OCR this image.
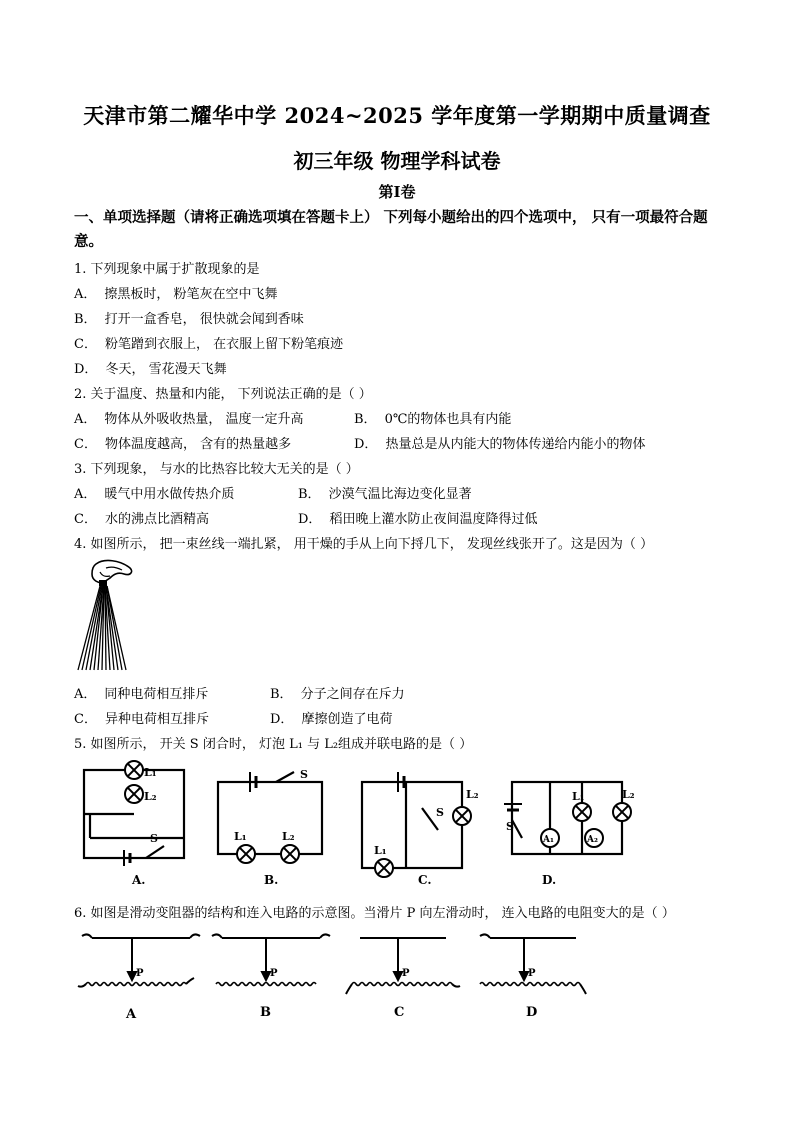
天津市第二耀华中学 2024~2025 学年度第一学期期中质量调查
初三年级 物理学科试卷
第Ⅰ卷
一、单项选择题（请将正确选项填在答题卡上） 下列每小题给出的四个选项中， 只有一项最符合题意。
1. 下列现象中属于扩散现象的是
A． 擦黑板时， 粉笔灰在空中飞舞
B． 打开一盒香皂， 很快就会闻到香味
C． 粉笔蹭到衣服上， 在衣服上留下粉笔痕迹
D． 冬天， 雪花漫天飞舞
2. 关于温度、热量和内能， 下列说法正确的是（ ）
A． 物体从外吸收热量， 温度一定升高	B． 0℃的物体也具有内能
C． 物体温度越高， 含有的热量越多	D． 热量总是从内能大的物体传递给内能小的物体
3. 下列现象， 与水的比热容比较大无关的是（ ）
A． 暖气中用水做传热介质	B． 沙漠气温比海边变化显著
C． 水的沸点比酒精高	D． 稻田晚上灌水防止夜间温度降得过低
4. 如图所示， 把一束丝线一端扎紧， 用干燥的手从上向下捋几下， 发现丝线张开了。这是因为（ ）
A． 同种电荷相互排斥	B． 分子之间存在斥力
C． 异种电荷相互排斥	D． 摩擦创造了电荷
5. 如图所示， 开关 S 闭合时， 灯泡 L₁ 与 L₂组成并联电路的是（ ）
L₁
L₂
S
S
L₁	L₂
L₂
L₁
S
L₁	L₂
S
A₁	A₂
A.	B.	C.	D.
6. 如图是滑动变阻器的结构和连入电路的示意图。当滑片 P 向左滑动时， 连入电路的电阻变大的是（ ）
P	P	P	P
A	B	C	D
